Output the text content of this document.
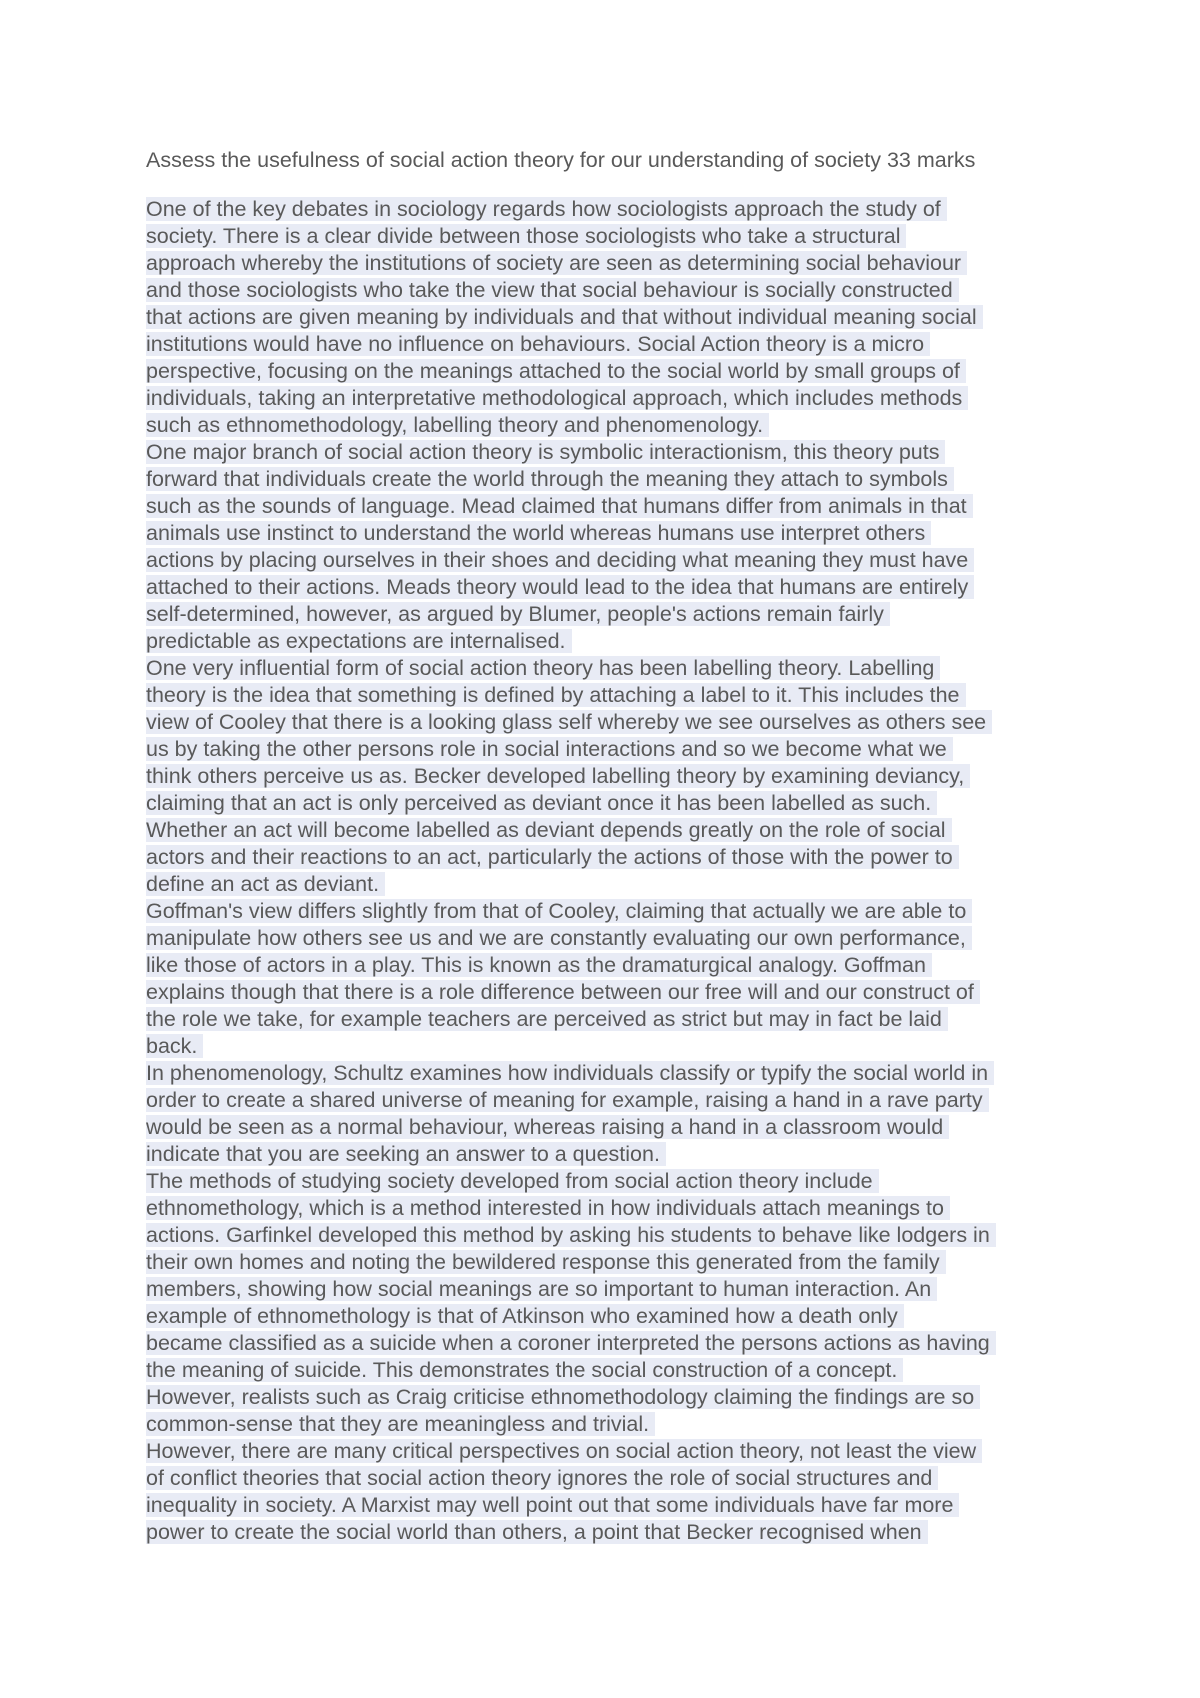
Assess the usefulness of social action theory for our understanding of society 33 marks
One of the key debates in sociology regards how sociologists approach the study of
society. There is a clear divide between those sociologists who take a structural
approach whereby the institutions of society are seen as determining social behaviour
and those sociologists who take the view that social behaviour is socially constructed
that actions are given meaning by individuals and that without individual meaning social
institutions would have no influence on behaviours. Social Action theory is a micro
perspective, focusing on the meanings attached to the social world by small groups of
individuals, taking an interpretative methodological approach, which includes methods
such as ethnomethodology, labelling theory and phenomenology.
One major branch of social action theory is symbolic interactionism, this theory puts
forward that individuals create the world through the meaning they attach to symbols
such as the sounds of language. Mead claimed that humans differ from animals in that
animals use instinct to understand the world whereas humans use interpret others
actions by placing ourselves in their shoes and deciding what meaning they must have
attached to their actions. Meads theory would lead to the idea that humans are entirely
self-determined, however, as argued by Blumer, people's actions remain fairly
predictable as expectations are internalised.
One very influential form of social action theory has been labelling theory. Labelling
theory is the idea that something is defined by attaching a label to it. This includes the
view of Cooley that there is a looking glass self whereby we see ourselves as others see
us by taking the other persons role in social interactions and so we become what we
think others perceive us as. Becker developed labelling theory by examining deviancy,
claiming that an act is only perceived as deviant once it has been labelled as such.
Whether an act will become labelled as deviant depends greatly on the role of social
actors and their reactions to an act, particularly the actions of those with the power to
define an act as deviant.
Goffman's view differs slightly from that of Cooley, claiming that actually we are able to
manipulate how others see us and we are constantly evaluating our own performance,
like those of actors in a play. This is known as the dramaturgical analogy. Goffman
explains though that there is a role difference between our free will and our construct of
the role we take, for example teachers are perceived as strict but may in fact be laid
back.
In phenomenology, Schultz examines how individuals classify or typify the social world in
order to create a shared universe of meaning for example, raising a hand in a rave party
would be seen as a normal behaviour, whereas raising a hand in a classroom would
indicate that you are seeking an answer to a question.
The methods of studying society developed from social action theory include
ethnomethology, which is a method interested in how individuals attach meanings to
actions. Garfinkel developed this method by asking his students to behave like lodgers in
their own homes and noting the bewildered response this generated from the family
members, showing how social meanings are so important to human interaction. An
example of ethnomethology is that of Atkinson who examined how a death only
became classified as a suicide when a coroner interpreted the persons actions as having
the meaning of suicide. This demonstrates the social construction of a concept.
However, realists such as Craig criticise ethnomethodology claiming the findings are so
common-sense that they are meaningless and trivial.
However, there are many critical perspectives on social action theory, not least the view
of conflict theories that social action theory ignores the role of social structures and
inequality in society. A Marxist may well point out that some individuals have far more
power to create the social world than others, a point that Becker recognised when
